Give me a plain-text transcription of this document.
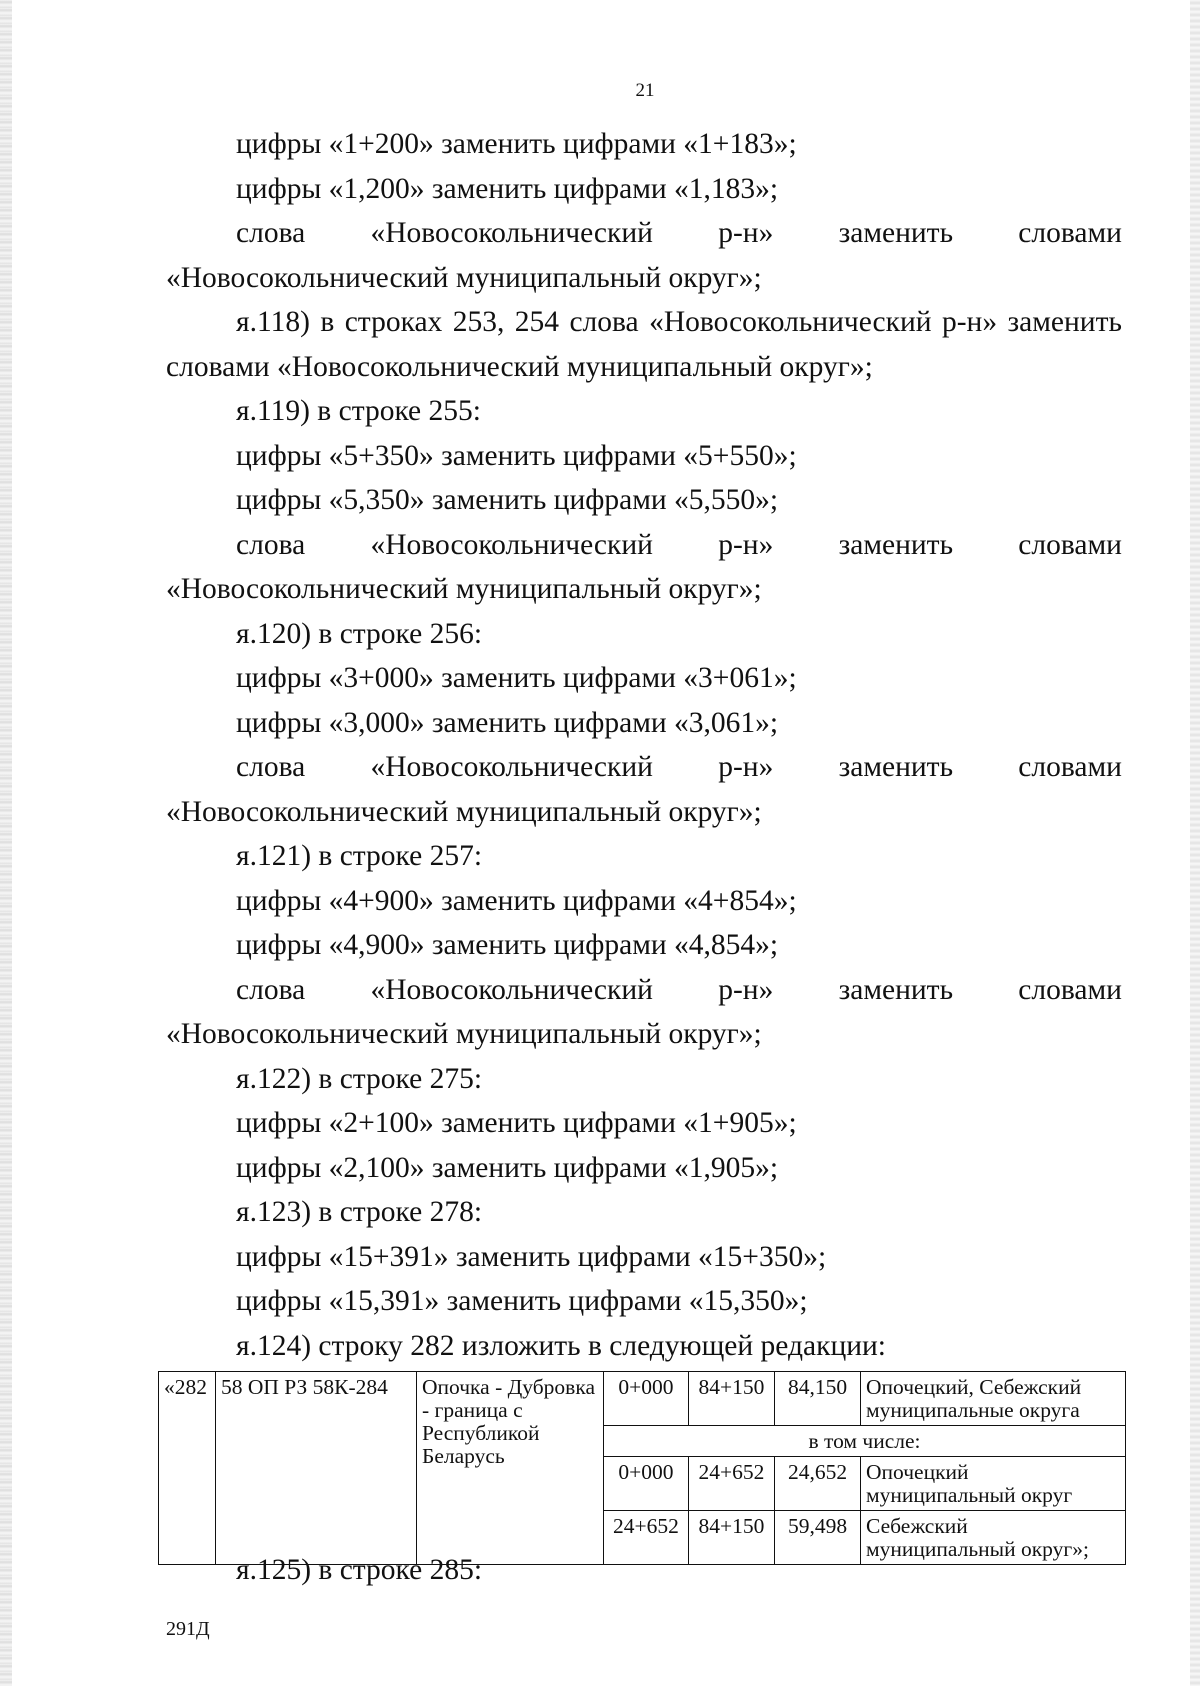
21
цифры «1+200» заменить цифрами «1+183»;
цифры «1,200» заменить цифрами «1,183»;
слова «Новосокольнический р-н» заменить словами
«Новосокольнический муниципальный округ»;
я.118) в строках 253, 254 слова «Новосокольнический р-н» заменить
словами «Новосокольнический муниципальный округ»;
я.119) в строке 255:
цифры «5+350» заменить цифрами «5+550»;
цифры «5,350» заменить цифрами «5,550»;
слова «Новосокольнический р-н» заменить словами
«Новосокольнический муниципальный округ»;
я.120) в строке 256:
цифры «3+000» заменить цифрами «3+061»;
цифры «3,000» заменить цифрами «3,061»;
слова «Новосокольнический р-н» заменить словами
«Новосокольнический муниципальный округ»;
я.121) в строке 257:
цифры «4+900» заменить цифрами «4+854»;
цифры «4,900» заменить цифрами «4,854»;
слова «Новосокольнический р-н» заменить словами
«Новосокольнический муниципальный округ»;
я.122) в строке 275:
цифры «2+100» заменить цифрами «1+905»;
цифры «2,100» заменить цифрами «1,905»;
я.123) в строке 278:
цифры «15+391» заменить цифрами «15+350»;
цифры «15,391» заменить цифрами «15,350»;
я.124) строку 282 изложить в следующей редакции:
«282	58 ОП РЗ 58К-284	Опочка - Дубровка - граница с Республикой Беларусь	0+000	84+150	84,150	Опочецкий, Себежский муниципальные округа
			в том числе:			
			0+000	24+652	24,652	Опочецкий муниципальный округ
			24+652	84+150	59,498	Себежский муниципальный округ»;
я.125) в строке 285:
291Д
